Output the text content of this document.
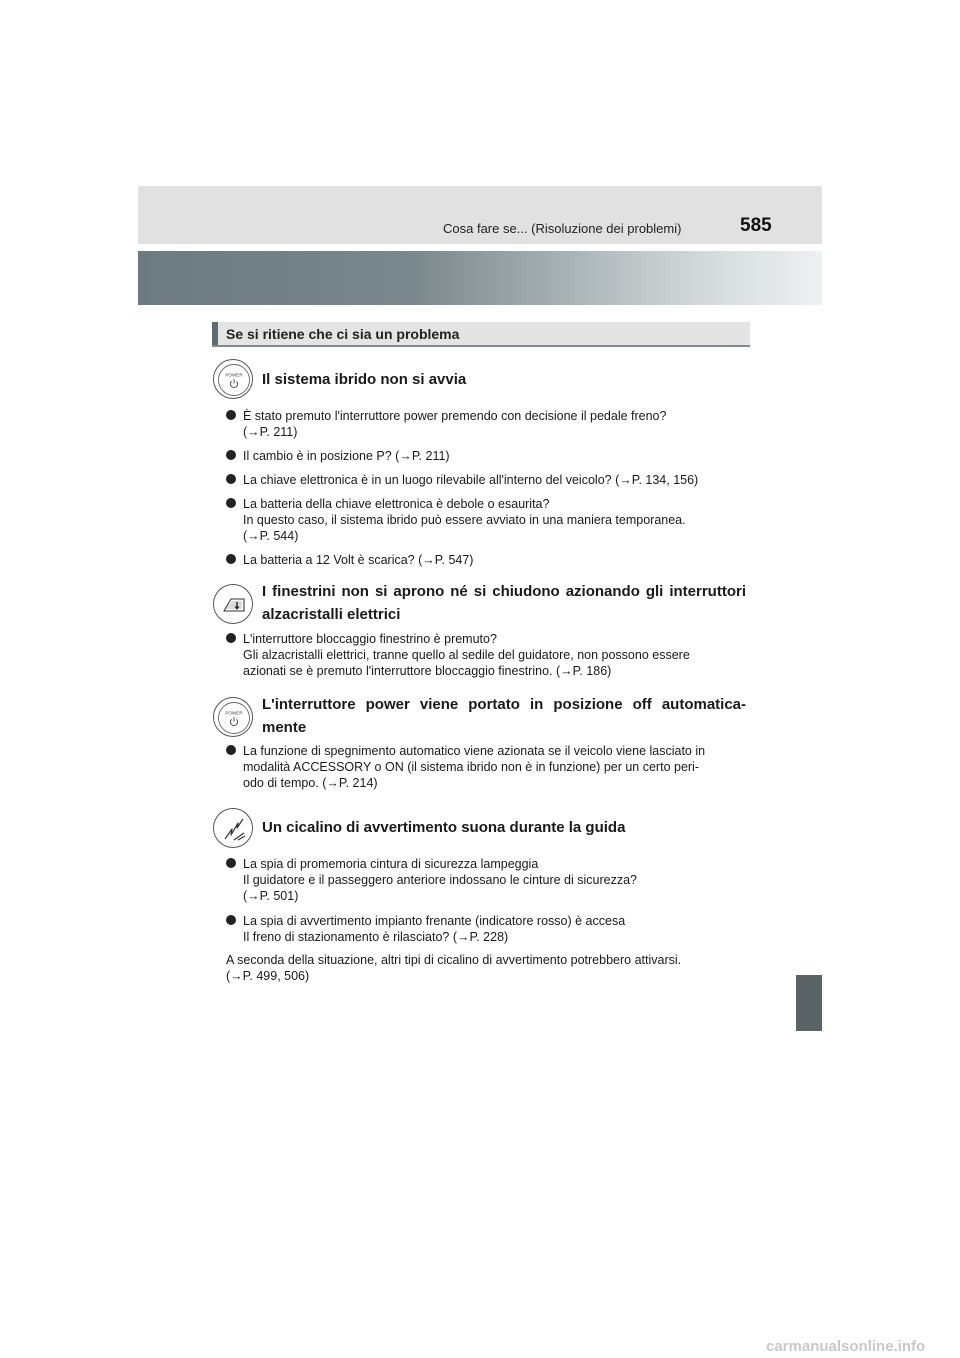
Cosa fare se... (Risoluzione dei problemi)	585
Se si ritiene che ci sia un problema
POWER Il sistema ibrido non si avvia
È stato premuto l'interruttore power premendo con decisione il pedale freno?
(→P. 211)
Il cambio è in posizione P? (→P. 211)
La chiave elettronica è in un luogo rilevabile all'interno del veicolo? (→P. 134, 156)
La batteria della chiave elettronica è debole o esaurita?
In questo caso, il sistema ibrido può essere avviato in una maniera temporanea.
(→P. 544)
La batteria a 12 Volt è scarica? (→P. 547)
I finestrini non si aprono né si chiudono azionando gli interruttori alzacristalli elettrici
L'interruttore bloccaggio finestrino è premuto?
Gli alzacristalli elettrici, tranne quello al sedile del guidatore, non possono essere
azionati se è premuto l'interruttore bloccaggio finestrino. (→P. 186)
POWER L'interruttore power viene portato in posizione off automatica-mente
La funzione di spegnimento automatico viene azionata se il veicolo viene lasciato in
modalità ACCESSORY o ON (il sistema ibrido non è in funzione) per un certo peri-
odo di tempo. (→P. 214)
Un cicalino di avvertimento suona durante la guida
La spia di promemoria cintura di sicurezza lampeggia
Il guidatore e il passeggero anteriore indossano le cinture di sicurezza?
(→P. 501)
La spia di avvertimento impianto frenante (indicatore rosso) è accesa
Il freno di stazionamento è rilasciato? (→P. 228)
A seconda della situazione, altri tipi di cicalino di avvertimento potrebbero attivarsi.
(→P. 499, 506)
carmanualsonline.info
